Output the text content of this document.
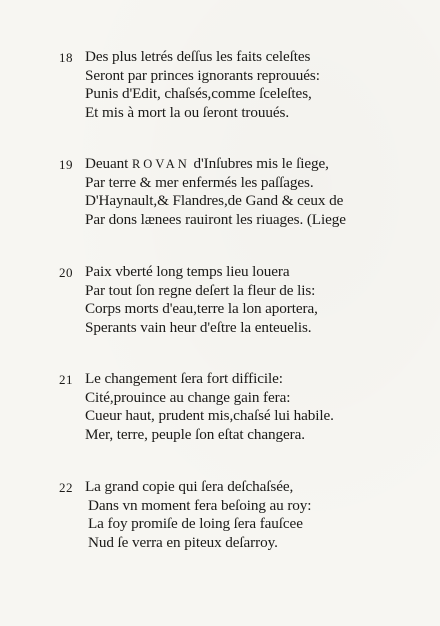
18 Des plus letrés deſſus les faits celeſtes
Seront par princes ignorants reprouués:
Punis d'Edit, chaſsés,comme ſceleſtes,
Et mis à mort la ou ſeront trouués.
19 Deuant ROVAN d'Inſubres mis le ſiege,
Par terre & mer enfermés les paſſages.
D'Haynault,& Flandres,de Gand & ceux de
Par dons lænees rauiront les riuages. (Liege
20 Paix vberté long temps lieu louera
Par tout ſon regne deſert la fleur de lis:
Corps morts d'eau,terre la lon aportera,
Sperants vain heur d'eſtre la enteuelis.
21 Le changement ſera fort difficile:
Cité,prouince au change gain fera:
Cueur haut, prudent mis,chaſsé lui habile.
Mer, terre, peuple ſon eſtat changera.
22 La grand copie qui ſera deſchaſsée,
Dans vn moment fera beſoing au roy:
La foy promiſe de loing ſera fauſcee
Nud ſe verra en piteux deſarroy.
